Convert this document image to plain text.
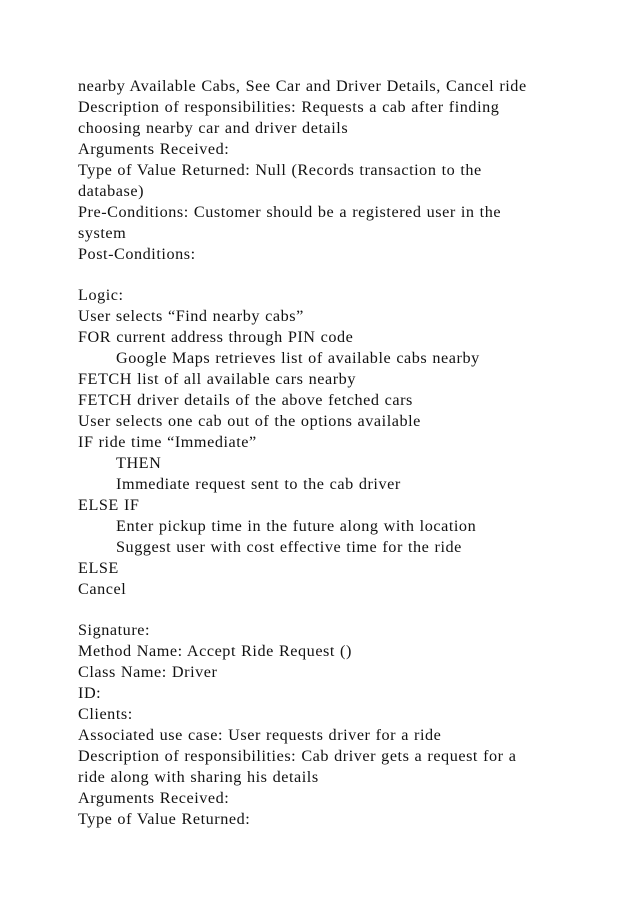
nearby Available Cabs, See Car and Driver Details, Cancel ride
Description of responsibilities: Requests a cab after finding
choosing nearby car and driver details
Arguments Received:
Type of Value Returned: Null (Records transaction to the
database)
Pre-Conditions: Customer should be a registered user in the
system
Post-Conditions:
Logic:
User selects “Find nearby cabs”
FOR current address through PIN code
Google Maps retrieves list of available cabs nearby
FETCH list of all available cars nearby
FETCH driver details of the above fetched cars
User selects one cab out of the options available
IF ride time “Immediate”
THEN
Immediate request sent to the cab driver
ELSE IF
Enter pickup time in the future along with location
Suggest user with cost effective time for the ride
ELSE
Cancel
Signature:
Method Name: Accept Ride Request ()
Class Name: Driver
ID:
Clients:
Associated use case: User requests driver for a ride
Description of responsibilities: Cab driver gets a request for a
ride along with sharing his details
Arguments Received:
Type of Value Returned:
